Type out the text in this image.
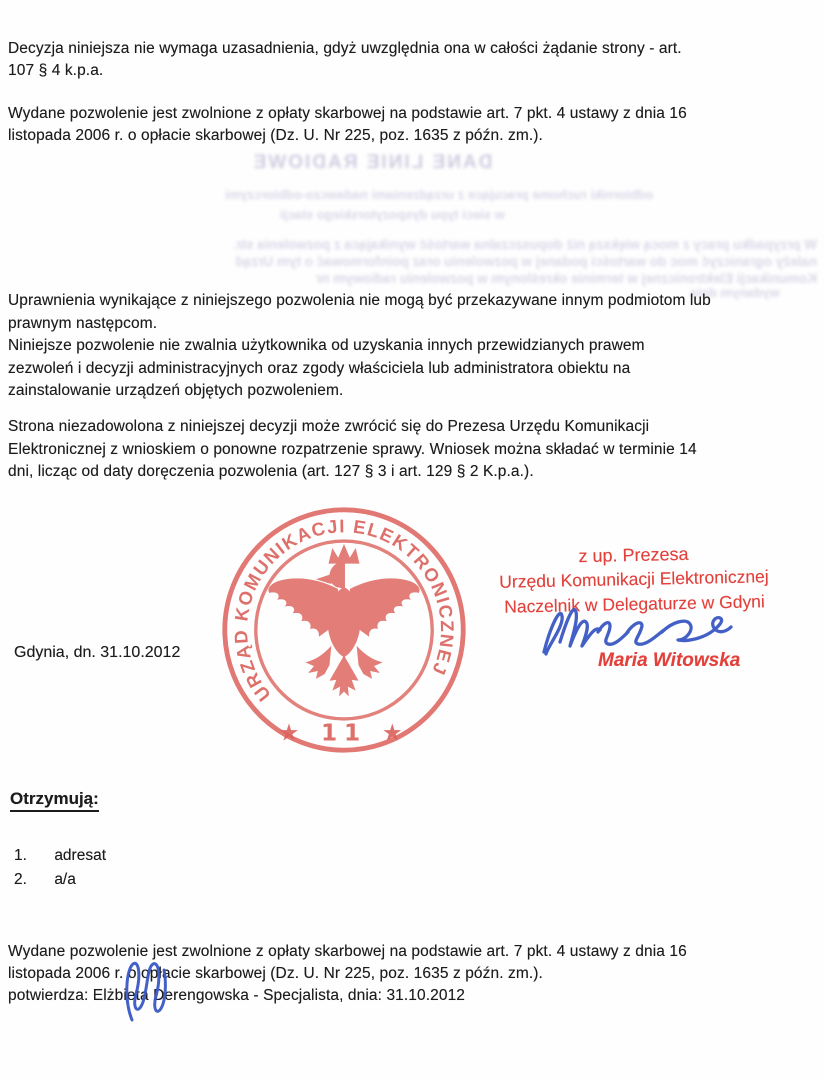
DANE LINIE RADIOWE
odbiorniki ruchome pracujące z urządzeniami nadawczo-odbiorczymi
w sieci typu dyspozytorskiego stacji
W przypadku pracy z mocą większą niż dopuszczalna wartość wynikająca z pozwolenia str.
należy ograniczyć moc do wartości podanej w pozwoleniu oraz poinformować o tym Urząd
Komunikacji Elektronicznej w terminie określonym w pozwoleniu radiowym nr
wydanym dnia
Decyzja niniejsza nie wymaga uzasadnienia, gdyż uwzględnia ona w całości żądanie strony - art.
107 § 4 k.p.a.
Wydane pozwolenie jest zwolnione z opłaty skarbowej na podstawie art. 7 pkt. 4 ustawy z dnia 16
listopada 2006 r. o opłacie skarbowej (Dz. U. Nr 225, poz. 1635 z późn. zm.).
Uprawnienia wynikające z niniejszego pozwolenia nie mogą być przekazywane innym podmiotom lub
prawnym następcom.
Niniejsze pozwolenie nie zwalnia użytkownika od uzyskania innych przewidzianych prawem
zezwoleń i decyzji administracyjnych oraz zgody właściciela lub administratora obiektu na
zainstalowanie urządzeń objętych pozwoleniem.
Strona niezadowolona z niniejszej decyzji może zwrócić się do Prezesa Urzędu Komunikacji
Elektronicznej z wnioskiem o ponowne rozpatrzenie sprawy. Wniosek można składać w terminie 14
dni, licząc od daty doręczenia pozwolenia (art. 127 § 3 i art. 129 § 2 K.p.a.).
URZĄD KOMUNIKACJI ELEKTRONICZNEJ
★ 11 ★
Gdynia, dn. 31.10.2012
z up. Prezesa
Urzędu Komunikacji Elektronicznej
Naczelnik w Delegaturze w Gdyni
Maria Witowska
Otrzymują:
1. adresat
2. a/a
Wydane pozwolenie jest zwolnione z opłaty skarbowej na podstawie art. 7 pkt. 4 ustawy z dnia 16
listopada 2006 r. o opłacie skarbowej (Dz. U. Nr 225, poz. 1635 z późn. zm.).
potwierdza: Elżbieta Derengowska - Specjalista, dnia: 31.10.2012
